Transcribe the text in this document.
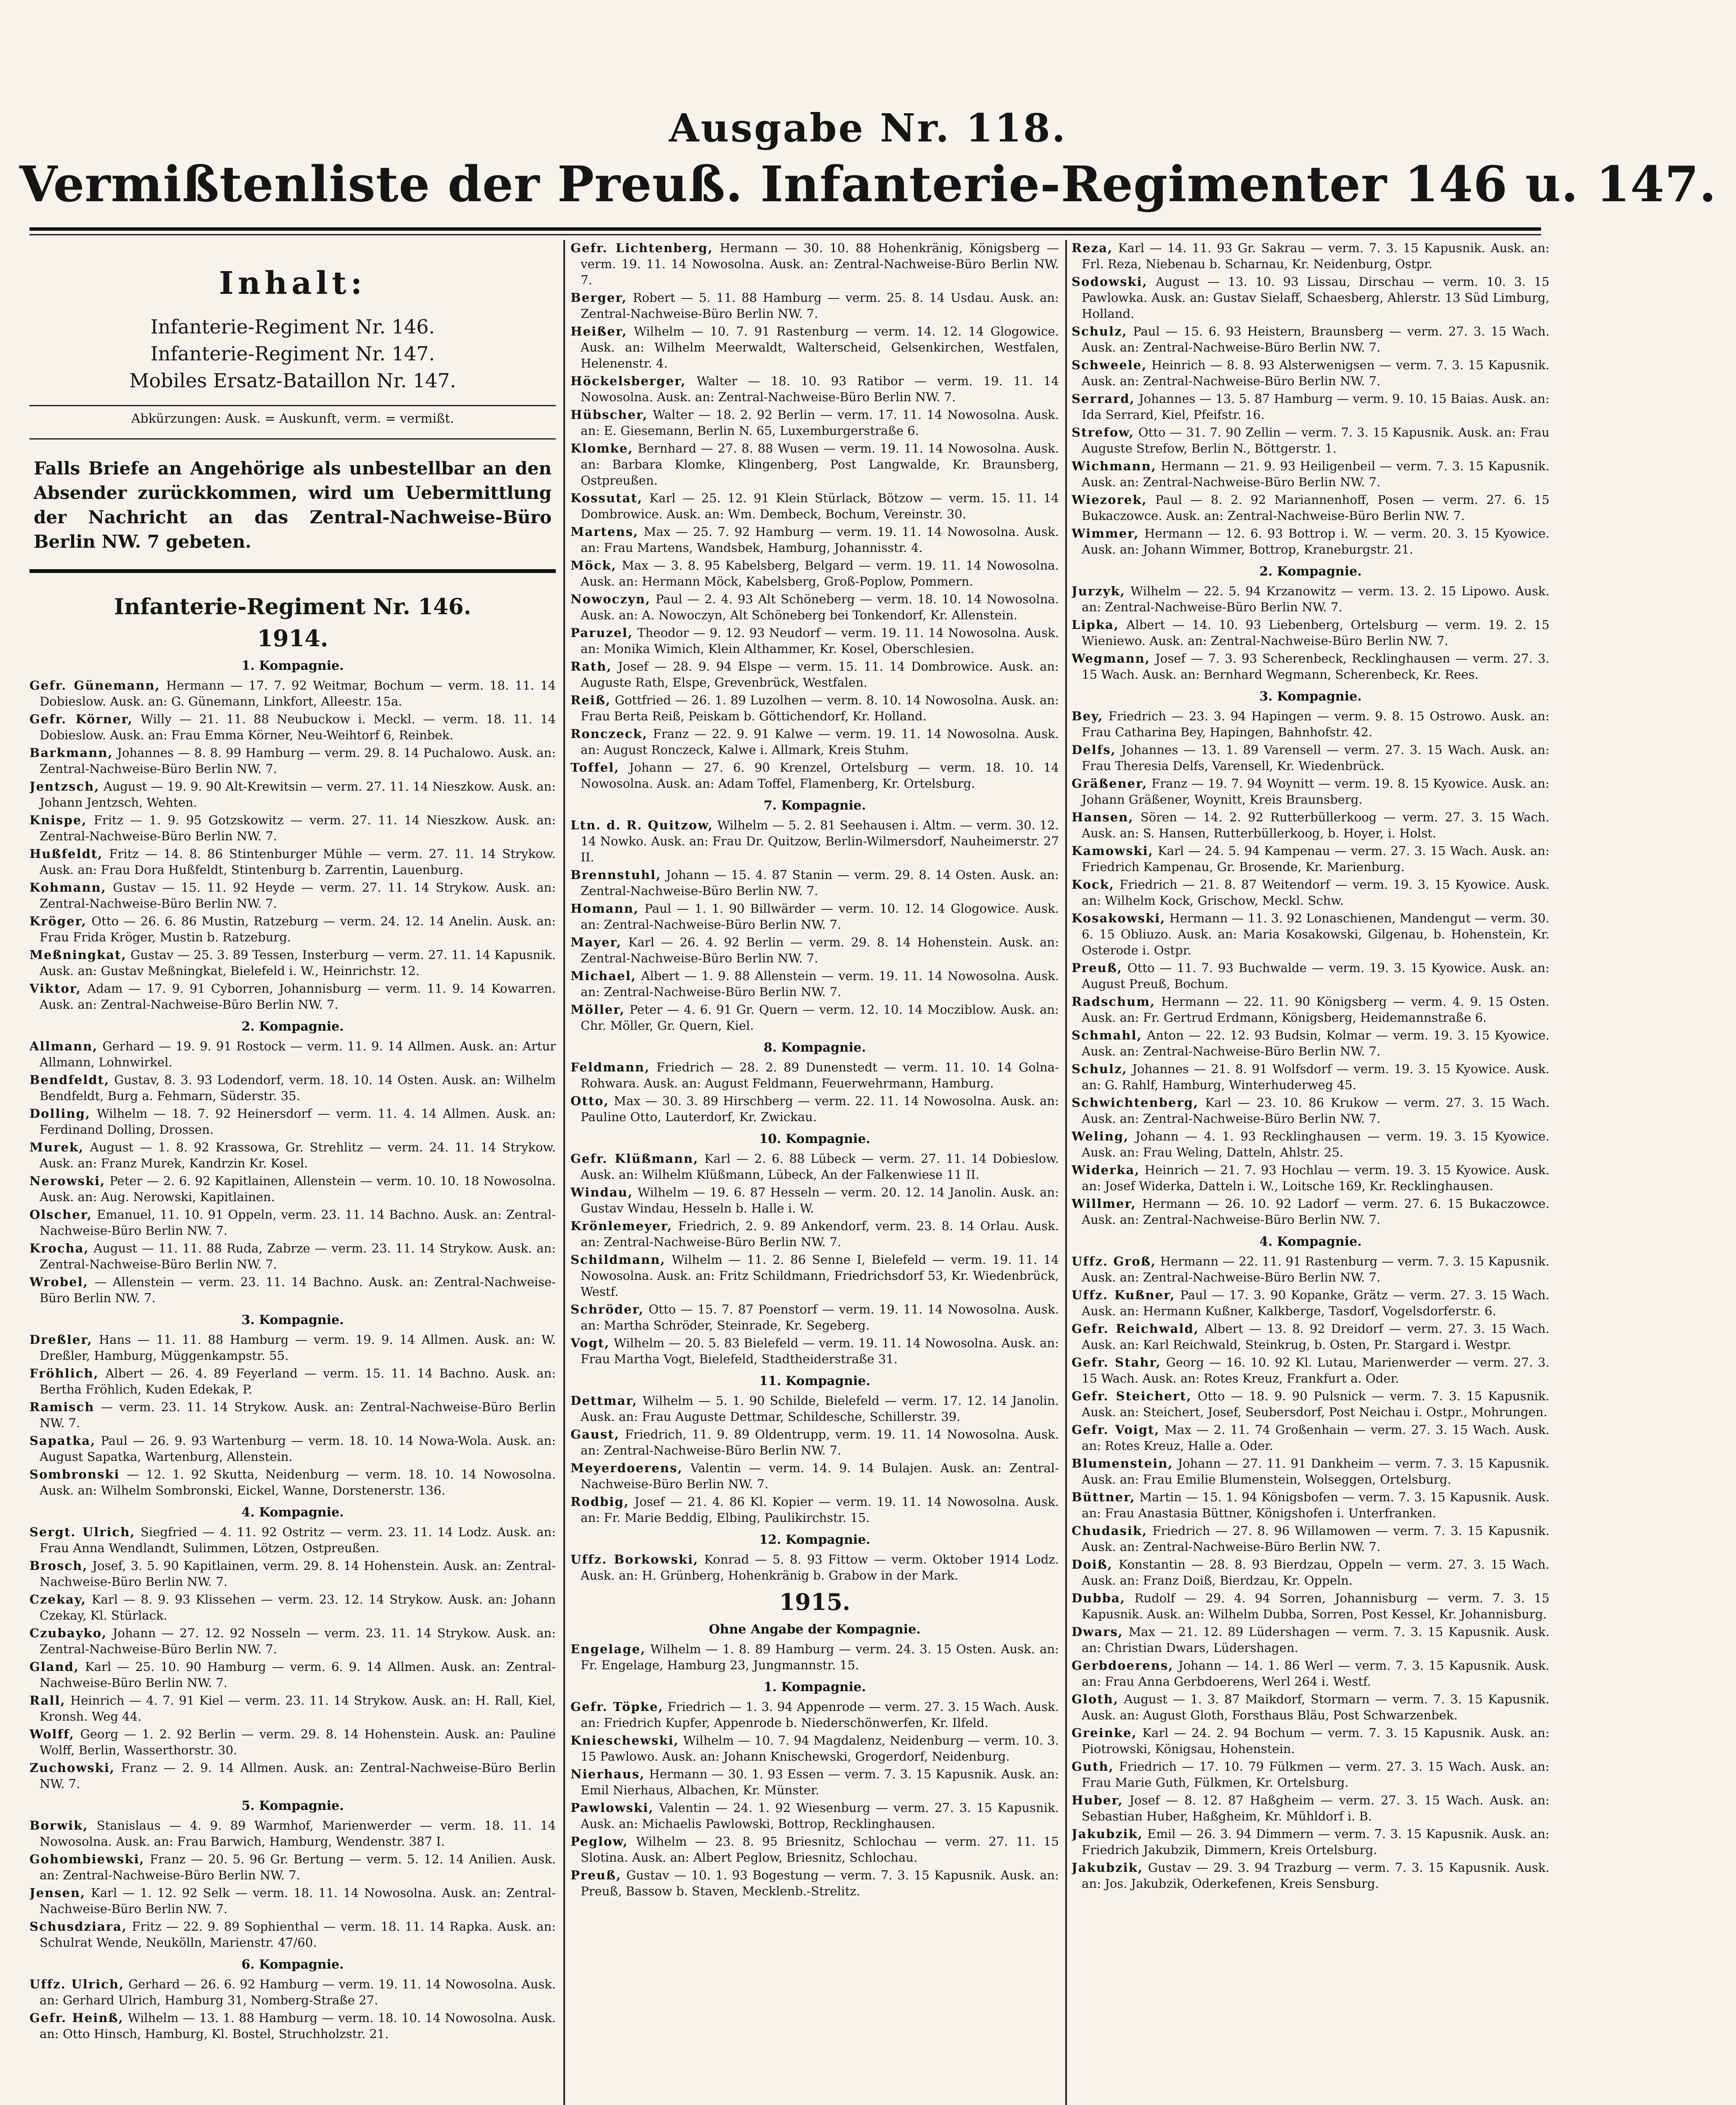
Ausgabe Nr. 118.
Vermißtenliste der Preuß. Infanterie-Regimenter 146 u. 147.
Inhalt:
Infanterie-Regiment Nr. 146.
Infanterie-Regiment Nr. 147.
Mobiles Ersatz-Bataillon Nr. 147.
Abkürzungen: Ausk. = Auskunft, verm. = vermißt.
Falls Briefe an Angehörige als unbestellbar an den Absender zurückkommen, wird um Uebermittlung der Nachricht an das Zentral-Nachweise-Büro Berlin NW. 7 gebeten.
Infanterie-Regiment Nr. 146.
1914.
1. Kompagnie.
Gefr. Günemann, Hermann — 17. 7. 92 Weitmar, Bochum — verm. 18. 11. 14 Dobieslow. Ausk. an: G. Günemann, Linkfort, Alleestr. 15a.
Gefr. Körner, Willy — 21. 11. 88 Neubuckow i. Meckl. — verm. 18. 11. 14 Dobieslow. Ausk. an: Frau Emma Körner, Neu-Weihtorf 6, Reinbek.
Barkmann, Johannes — 8. 8. 99 Hamburg — verm. 29. 8. 14 Puchalowo. Ausk. an: Zentral-Nachweise-Büro Berlin NW. 7.
Jentzsch, August — 19. 9. 90 Alt-Krewitsin — verm. 27. 11. 14 Nieszkow. Ausk. an: Johann Jentzsch, Wehten.
Knispe, Fritz — 1. 9. 95 Gotzskowitz — verm. 27. 11. 14 Nieszkow. Ausk. an: Zentral-Nachweise-Büro Berlin NW. 7.
Hußfeldt, Fritz — 14. 8. 86 Stintenburger Mühle — verm. 27. 11. 14 Strykow. Ausk. an: Frau Dora Hußfeldt, Stintenburg b. Zarrentin, Lauenburg.
Kohmann, Gustav — 15. 11. 92 Heyde — verm. 27. 11. 14 Strykow. Ausk. an: Zentral-Nachweise-Büro Berlin NW. 7.
Kröger, Otto — 26. 6. 86 Mustin, Ratzeburg — verm. 24. 12. 14 Anelin. Ausk. an: Frau Frida Kröger, Mustin b. Ratzeburg.
Meßningkat, Gustav — 25. 3. 89 Tessen, Insterburg — verm. 27. 11. 14 Kapusnik. Ausk. an: Gustav Meßningkat, Bielefeld i. W., Heinrichstr. 12.
Viktor, Adam — 17. 9. 91 Cyborren, Johannisburg — verm. 11. 9. 14 Kowarren. Ausk. an: Zentral-Nachweise-Büro Berlin NW. 7.
2. Kompagnie.
Allmann, Gerhard — 19. 9. 91 Rostock — verm. 11. 9. 14 Allmen. Ausk. an: Artur Allmann, Lohnwirkel.
Bendfeldt, Gustav, 8. 3. 93 Lodendorf, verm. 18. 10. 14 Osten. Ausk. an: Wilhelm Bendfeldt, Burg a. Fehmarn, Süderstr. 35.
Dolling, Wilhelm — 18. 7. 92 Heinersdorf — verm. 11. 4. 14 Allmen. Ausk. an: Ferdinand Dolling, Drossen.
Murek, August — 1. 8. 92 Krassowa, Gr. Strehlitz — verm. 24. 11. 14 Strykow. Ausk. an: Franz Murek, Kandrzin Kr. Kosel.
Nerowski, Peter — 2. 6. 92 Kapitlainen, Allenstein — verm. 10. 10. 18 Nowosolna. Ausk. an: Aug. Nerowski, Kapitlainen.
Olscher, Emanuel, 11. 10. 91 Oppeln, verm. 23. 11. 14 Bachno. Ausk. an: Zentral-Nachweise-Büro Berlin NW. 7.
Krocha, August — 11. 11. 88 Ruda, Zabrze — verm. 23. 11. 14 Strykow. Ausk. an: Zentral-Nachweise-Büro Berlin NW. 7.
Wrobel, — Allenstein — verm. 23. 11. 14 Bachno. Ausk. an: Zentral-Nachweise-Büro Berlin NW. 7.
3. Kompagnie.
Dreßler, Hans — 11. 11. 88 Hamburg — verm. 19. 9. 14 Allmen. Ausk. an: W. Dreßler, Hamburg, Müggenkampstr. 55.
Fröhlich, Albert — 26. 4. 89 Feyerland — verm. 15. 11. 14 Bachno. Ausk. an: Bertha Fröhlich, Kuden Edekak, P.
Ramisch — verm. 23. 11. 14 Strykow. Ausk. an: Zentral-Nachweise-Büro Berlin NW. 7.
Sapatka, Paul — 26. 9. 93 Wartenburg — verm. 18. 10. 14 Nowa-Wola. Ausk. an: August Sapatka, Wartenburg, Allenstein.
Sombronski — 12. 1. 92 Skutta, Neidenburg — verm. 18. 10. 14 Nowosolna. Ausk. an: Wilhelm Sombronski, Eickel, Wanne, Dorstenerstr. 136.
4. Kompagnie.
Sergt. Ulrich, Siegfried — 4. 11. 92 Ostritz — verm. 23. 11. 14 Lodz. Ausk. an: Frau Anna Wendlandt, Sulimmen, Lötzen, Ostpreußen.
Brosch, Josef, 3. 5. 90 Kapitlainen, verm. 29. 8. 14 Hohenstein. Ausk. an: Zentral-Nachweise-Büro Berlin NW. 7.
Czekay, Karl — 8. 9. 93 Klissehen — verm. 23. 12. 14 Strykow. Ausk. an: Johann Czekay, Kl. Stürlack.
Czubayko, Johann — 27. 12. 92 Nosseln — verm. 23. 11. 14 Strykow. Ausk. an: Zentral-Nachweise-Büro Berlin NW. 7.
Gland, Karl — 25. 10. 90 Hamburg — verm. 6. 9. 14 Allmen. Ausk. an: Zentral-Nachweise-Büro Berlin NW. 7.
Rall, Heinrich — 4. 7. 91 Kiel — verm. 23. 11. 14 Strykow. Ausk. an: H. Rall, Kiel, Kronsh. Weg 44.
Wolff, Georg — 1. 2. 92 Berlin — verm. 29. 8. 14 Hohenstein. Ausk. an: Pauline Wolff, Berlin, Wasserthorstr. 30.
Zuchowski, Franz — 2. 9. 14 Allmen. Ausk. an: Zentral-Nachweise-Büro Berlin NW. 7.
5. Kompagnie.
Borwik, Stanislaus — 4. 9. 89 Warmhof, Marienwerder — verm. 18. 11. 14 Nowosolna. Ausk. an: Frau Barwich, Hamburg, Wendenstr. 387 I.
Gohombiewski, Franz — 20. 5. 96 Gr. Bertung — verm. 5. 12. 14 Anilien. Ausk. an: Zentral-Nachweise-Büro Berlin NW. 7.
Jensen, Karl — 1. 12. 92 Selk — verm. 18. 11. 14 Nowosolna. Ausk. an: Zentral-Nachweise-Büro Berlin NW. 7.
Schusdziara, Fritz — 22. 9. 89 Sophienthal — verm. 18. 11. 14 Rapka. Ausk. an: Schulrat Wende, Neukölln, Marienstr. 47/60.
6. Kompagnie.
Uffz. Ulrich, Gerhard — 26. 6. 92 Hamburg — verm. 19. 11. 14 Nowosolna. Ausk. an: Gerhard Ulrich, Hamburg 31, Nomberg-Straße 27.
Gefr. Heinß, Wilhelm — 13. 1. 88 Hamburg — verm. 18. 10. 14 Nowosolna. Ausk. an: Otto Hinsch, Hamburg, Kl. Bostel, Struchholzstr. 21.
Gefr. Lichtenberg, Hermann — 30. 10. 88 Hohenkränig, Königsberg — verm. 19. 11. 14 Nowosolna. Ausk. an: Zentral-Nachweise-Büro Berlin NW. 7.
Berger, Robert — 5. 11. 88 Hamburg — verm. 25. 8. 14 Usdau. Ausk. an: Zentral-Nachweise-Büro Berlin NW. 7.
Heißer, Wilhelm — 10. 7. 91 Rastenburg — verm. 14. 12. 14 Glogowice. Ausk. an: Wilhelm Meerwaldt, Walterscheid, Gelsenkirchen, Westfalen, Helenenstr. 4.
Höckelsberger, Walter — 18. 10. 93 Ratibor — verm. 19. 11. 14 Nowosolna. Ausk. an: Zentral-Nachweise-Büro Berlin NW. 7.
Hübscher, Walter — 18. 2. 92 Berlin — verm. 17. 11. 14 Nowosolna. Ausk. an: E. Giesemann, Berlin N. 65, Luxemburgerstraße 6.
Klomke, Bernhard — 27. 8. 88 Wusen — verm. 19. 11. 14 Nowosolna. Ausk. an: Barbara Klomke, Klingenberg, Post Langwalde, Kr. Braunsberg, Ostpreußen.
Kossutat, Karl — 25. 12. 91 Klein Stürlack, Bötzow — verm. 15. 11. 14 Dombrowice. Ausk. an: Wm. Dembeck, Bochum, Vereinstr. 30.
Martens, Max — 25. 7. 92 Hamburg — verm. 19. 11. 14 Nowosolna. Ausk. an: Frau Martens, Wandsbek, Hamburg, Johannisstr. 4.
Möck, Max — 3. 8. 95 Kabelsberg, Belgard — verm. 19. 11. 14 Nowosolna. Ausk. an: Hermann Möck, Kabelsberg, Groß-Poplow, Pommern.
Nowoczyn, Paul — 2. 4. 93 Alt Schöneberg — verm. 18. 10. 14 Nowosolna. Ausk. an: A. Nowoczyn, Alt Schöneberg bei Tonkendorf, Kr. Allenstein.
Paruzel, Theodor — 9. 12. 93 Neudorf — verm. 19. 11. 14 Nowosolna. Ausk. an: Monika Wimich, Klein Althammer, Kr. Kosel, Oberschlesien.
Rath, Josef — 28. 9. 94 Elspe — verm. 15. 11. 14 Dombrowice. Ausk. an: Auguste Rath, Elspe, Grevenbrück, Westfalen.
Reiß, Gottfried — 26. 1. 89 Luzolhen — verm. 8. 10. 14 Nowosolna. Ausk. an: Frau Berta Reiß, Peiskam b. Göttichendorf, Kr. Holland.
Ronczeck, Franz — 22. 9. 91 Kalwe — verm. 19. 11. 14 Nowosolna. Ausk. an: August Ronczeck, Kalwe i. Allmark, Kreis Stuhm.
Toffel, Johann — 27. 6. 90 Krenzel, Ortelsburg — verm. 18. 10. 14 Nowosolna. Ausk. an: Adam Toffel, Flamenberg, Kr. Ortelsburg.
7. Kompagnie.
Ltn. d. R. Quitzow, Wilhelm — 5. 2. 81 Seehausen i. Altm. — verm. 30. 12. 14 Nowko. Ausk. an: Frau Dr. Quitzow, Berlin-Wilmersdorf, Nauheimerstr. 27 II.
Brennstuhl, Johann — 15. 4. 87 Stanin — verm. 29. 8. 14 Osten. Ausk. an: Zentral-Nachweise-Büro Berlin NW. 7.
Homann, Paul — 1. 1. 90 Billwärder — verm. 10. 12. 14 Glogowice. Ausk. an: Zentral-Nachweise-Büro Berlin NW. 7.
Mayer, Karl — 26. 4. 92 Berlin — verm. 29. 8. 14 Hohenstein. Ausk. an: Zentral-Nachweise-Büro Berlin NW. 7.
Michael, Albert — 1. 9. 88 Allenstein — verm. 19. 11. 14 Nowosolna. Ausk. an: Zentral-Nachweise-Büro Berlin NW. 7.
Möller, Peter — 4. 6. 91 Gr. Quern — verm. 12. 10. 14 Mocziblow. Ausk. an: Chr. Möller, Gr. Quern, Kiel.
8. Kompagnie.
Feldmann, Friedrich — 28. 2. 89 Dunenstedt — verm. 11. 10. 14 Golna-Rohwara. Ausk. an: August Feldmann, Feuerwehrmann, Hamburg.
Otto, Max — 30. 3. 89 Hirschberg — verm. 22. 11. 14 Nowosolna. Ausk. an: Pauline Otto, Lauterdorf, Kr. Zwickau.
10. Kompagnie.
Gefr. Klüßmann, Karl — 2. 6. 88 Lübeck — verm. 27. 11. 14 Dobieslow. Ausk. an: Wilhelm Klüßmann, Lübeck, An der Falkenwiese 11 II.
Windau, Wilhelm — 19. 6. 87 Hesseln — verm. 20. 12. 14 Janolin. Ausk. an: Gustav Windau, Hesseln b. Halle i. W.
Krönlemeyer, Friedrich, 2. 9. 89 Ankendorf, verm. 23. 8. 14 Orlau. Ausk. an: Zentral-Nachweise-Büro Berlin NW. 7.
Schildmann, Wilhelm — 11. 2. 86 Senne I, Bielefeld — verm. 19. 11. 14 Nowosolna. Ausk. an: Fritz Schildmann, Friedrichsdorf 53, Kr. Wiedenbrück, Westf.
Schröder, Otto — 15. 7. 87 Poenstorf — verm. 19. 11. 14 Nowosolna. Ausk. an: Martha Schröder, Steinrade, Kr. Segeberg.
Vogt, Wilhelm — 20. 5. 83 Bielefeld — verm. 19. 11. 14 Nowosolna. Ausk. an: Frau Martha Vogt, Bielefeld, Stadtheiderstraße 31.
11. Kompagnie.
Dettmar, Wilhelm — 5. 1. 90 Schilde, Bielefeld — verm. 17. 12. 14 Janolin. Ausk. an: Frau Auguste Dettmar, Schildesche, Schillerstr. 39.
Gaust, Friedrich, 11. 9. 89 Oldentrupp, verm. 19. 11. 14 Nowosolna. Ausk. an: Zentral-Nachweise-Büro Berlin NW. 7.
Meyerdoerens, Valentin — verm. 14. 9. 14 Bulajen. Ausk. an: Zentral-Nachweise-Büro Berlin NW. 7.
Rodbig, Josef — 21. 4. 86 Kl. Kopier — verm. 19. 11. 14 Nowosolna. Ausk. an: Fr. Marie Beddig, Elbing, Paulikirchstr. 15.
12. Kompagnie.
Uffz. Borkowski, Konrad — 5. 8. 93 Fittow — verm. Oktober 1914 Lodz. Ausk. an: H. Grünberg, Hohenkränig b. Grabow in der Mark.
1915.
Ohne Angabe der Kompagnie.
Engelage, Wilhelm — 1. 8. 89 Hamburg — verm. 24. 3. 15 Osten. Ausk. an: Fr. Engelage, Hamburg 23, Jungmannstr. 15.
1. Kompagnie.
Gefr. Töpke, Friedrich — 1. 3. 94 Appenrode — verm. 27. 3. 15 Wach. Ausk. an: Friedrich Kupfer, Appenrode b. Niederschönwerfen, Kr. Ilfeld.
Knieschewski, Wilhelm — 10. 7. 94 Magdalenz, Neidenburg — verm. 10. 3. 15 Pawlowo. Ausk. an: Johann Knischewski, Grogerdorf, Neidenburg.
Nierhaus, Hermann — 30. 1. 93 Essen — verm. 7. 3. 15 Kapusnik. Ausk. an: Emil Nierhaus, Albachen, Kr. Münster.
Pawlowski, Valentin — 24. 1. 92 Wiesenburg — verm. 27. 3. 15 Kapusnik. Ausk. an: Michaelis Pawlowski, Bottrop, Recklinghausen.
Peglow, Wilhelm — 23. 8. 95 Briesnitz, Schlochau — verm. 27. 11. 15 Slotina. Ausk. an: Albert Peglow, Briesnitz, Schlochau.
Preuß, Gustav — 10. 1. 93 Bogestung — verm. 7. 3. 15 Kapusnik. Ausk. an: Preuß, Bassow b. Staven, Mecklenb.-Strelitz.
Reza, Karl — 14. 11. 93 Gr. Sakrau — verm. 7. 3. 15 Kapusnik. Ausk. an: Frl. Reza, Niebenau b. Scharnau, Kr. Neidenburg, Ostpr.
Sodowski, August — 13. 10. 93 Lissau, Dirschau — verm. 10. 3. 15 Pawlowka. Ausk. an: Gustav Sielaff, Schaesberg, Ahlerstr. 13 Süd Limburg, Holland.
Schulz, Paul — 15. 6. 93 Heistern, Braunsberg — verm. 27. 3. 15 Wach. Ausk. an: Zentral-Nachweise-Büro Berlin NW. 7.
Schweele, Heinrich — 8. 8. 93 Alsterwenigsen — verm. 7. 3. 15 Kapusnik. Ausk. an: Zentral-Nachweise-Büro Berlin NW. 7.
Serrard, Johannes — 13. 5. 87 Hamburg — verm. 9. 10. 15 Baias. Ausk. an: Ida Serrard, Kiel, Pfeifstr. 16.
Strefow, Otto — 31. 7. 90 Zellin — verm. 7. 3. 15 Kapusnik. Ausk. an: Frau Auguste Strefow, Berlin N., Böttgerstr. 1.
Wichmann, Hermann — 21. 9. 93 Heiligenbeil — verm. 7. 3. 15 Kapusnik. Ausk. an: Zentral-Nachweise-Büro Berlin NW. 7.
Wiezorek, Paul — 8. 2. 92 Mariannenhoff, Posen — verm. 27. 6. 15 Bukaczowce. Ausk. an: Zentral-Nachweise-Büro Berlin NW. 7.
Wimmer, Hermann — 12. 6. 93 Bottrop i. W. — verm. 20. 3. 15 Kyowice. Ausk. an: Johann Wimmer, Bottrop, Kraneburgstr. 21.
2. Kompagnie.
Jurzyk, Wilhelm — 22. 5. 94 Krzanowitz — verm. 13. 2. 15 Lipowo. Ausk. an: Zentral-Nachweise-Büro Berlin NW. 7.
Lipka, Albert — 14. 10. 93 Liebenberg, Ortelsburg — verm. 19. 2. 15 Wieniewo. Ausk. an: Zentral-Nachweise-Büro Berlin NW. 7.
Wegmann, Josef — 7. 3. 93 Scherenbeck, Recklinghausen — verm. 27. 3. 15 Wach. Ausk. an: Bernhard Wegmann, Scherenbeck, Kr. Rees.
3. Kompagnie.
Bey, Friedrich — 23. 3. 94 Hapingen — verm. 9. 8. 15 Ostrowo. Ausk. an: Frau Catharina Bey, Hapingen, Bahnhofstr. 42.
Delfs, Johannes — 13. 1. 89 Varensell — verm. 27. 3. 15 Wach. Ausk. an: Frau Theresia Delfs, Varensell, Kr. Wiedenbrück.
Gräßener, Franz — 19. 7. 94 Woynitt — verm. 19. 8. 15 Kyowice. Ausk. an: Johann Gräßener, Woynitt, Kreis Braunsberg.
Hansen, Sören — 14. 2. 92 Rutterbüllerkoog — verm. 27. 3. 15 Wach. Ausk. an: S. Hansen, Rutterbüllerkoog, b. Hoyer, i. Holst.
Kamowski, Karl — 24. 5. 94 Kampenau — verm. 27. 3. 15 Wach. Ausk. an: Friedrich Kampenau, Gr. Brosende, Kr. Marienburg.
Kock, Friedrich — 21. 8. 87 Weitendorf — verm. 19. 3. 15 Kyowice. Ausk. an: Wilhelm Kock, Grischow, Meckl. Schw.
Kosakowski, Hermann — 11. 3. 92 Lonaschienen, Mandengut — verm. 30. 6. 15 Obliuzo. Ausk. an: Maria Kosakowski, Gilgenau, b. Hohenstein, Kr. Osterode i. Ostpr.
Preuß, Otto — 11. 7. 93 Buchwalde — verm. 19. 3. 15 Kyowice. Ausk. an: August Preuß, Bochum.
Radschum, Hermann — 22. 11. 90 Königsberg — verm. 4. 9. 15 Osten. Ausk. an: Fr. Gertrud Erdmann, Königsberg, Heidemannstraße 6.
Schmahl, Anton — 22. 12. 93 Budsin, Kolmar — verm. 19. 3. 15 Kyowice. Ausk. an: Zentral-Nachweise-Büro Berlin NW. 7.
Schulz, Johannes — 21. 8. 91 Wolfsdorf — verm. 19. 3. 15 Kyowice. Ausk. an: G. Rahlf, Hamburg, Winterhuderweg 45.
Schwichtenberg, Karl — 23. 10. 86 Krukow — verm. 27. 3. 15 Wach. Ausk. an: Zentral-Nachweise-Büro Berlin NW. 7.
Weling, Johann — 4. 1. 93 Recklinghausen — verm. 19. 3. 15 Kyowice. Ausk. an: Frau Weling, Datteln, Ahlstr. 25.
Widerka, Heinrich — 21. 7. 93 Hochlau — verm. 19. 3. 15 Kyowice. Ausk. an: Josef Widerka, Datteln i. W., Loitsche 169, Kr. Recklinghausen.
Willmer, Hermann — 26. 10. 92 Ladorf — verm. 27. 6. 15 Bukaczowce. Ausk. an: Zentral-Nachweise-Büro Berlin NW. 7.
4. Kompagnie.
Uffz. Groß, Hermann — 22. 11. 91 Rastenburg — verm. 7. 3. 15 Kapusnik. Ausk. an: Zentral-Nachweise-Büro Berlin NW. 7.
Uffz. Kußner, Paul — 17. 3. 90 Kopanke, Grätz — verm. 27. 3. 15 Wach. Ausk. an: Hermann Kußner, Kalkberge, Tasdorf, Vogelsdorferstr. 6.
Gefr. Reichwald, Albert — 13. 8. 92 Dreidorf — verm. 27. 3. 15 Wach. Ausk. an: Karl Reichwald, Steinkrug, b. Osten, Pr. Stargard i. Westpr.
Gefr. Stahr, Georg — 16. 10. 92 Kl. Lutau, Marienwerder — verm. 27. 3. 15 Wach. Ausk. an: Rotes Kreuz, Frankfurt a. Oder.
Gefr. Steichert, Otto — 18. 9. 90 Pulsnick — verm. 7. 3. 15 Kapusnik. Ausk. an: Steichert, Josef, Seubersdorf, Post Neichau i. Ostpr., Mohrungen.
Gefr. Voigt, Max — 2. 11. 74 Großenhain — verm. 27. 3. 15 Wach. Ausk. an: Rotes Kreuz, Halle a. Oder.
Blumenstein, Johann — 27. 11. 91 Dankheim — verm. 7. 3. 15 Kapusnik. Ausk. an: Frau Emilie Blumenstein, Wolseggen, Ortelsburg.
Büttner, Martin — 15. 1. 94 Königsbofen — verm. 7. 3. 15 Kapusnik. Ausk. an: Frau Anastasia Büttner, Königshofen i. Unterfranken.
Chudasik, Friedrich — 27. 8. 96 Willamowen — verm. 7. 3. 15 Kapusnik. Ausk. an: Zentral-Nachweise-Büro Berlin NW. 7.
Doiß, Konstantin — 28. 8. 93 Bierdzau, Oppeln — verm. 27. 3. 15 Wach. Ausk. an: Franz Doiß, Bierdzau, Kr. Oppeln.
Dubba, Rudolf — 29. 4. 94 Sorren, Johannisburg — verm. 7. 3. 15 Kapusnik. Ausk. an: Wilhelm Dubba, Sorren, Post Kessel, Kr. Johannisburg.
Dwars, Max — 21. 12. 89 Lüdershagen — verm. 7. 3. 15 Kapusnik. Ausk. an: Christian Dwars, Lüdershagen.
Gerbdoerens, Johann — 14. 1. 86 Werl — verm. 7. 3. 15 Kapusnik. Ausk. an: Frau Anna Gerbdoerens, Werl 264 i. Westf.
Gloth, August — 1. 3. 87 Maikdorf, Stormarn — verm. 7. 3. 15 Kapusnik. Ausk. an: August Gloth, Forsthaus Bläu, Post Schwarzenbek.
Greinke, Karl — 24. 2. 94 Bochum — verm. 7. 3. 15 Kapusnik. Ausk. an: Piotrowski, Königsau, Hohenstein.
Guth, Friedrich — 17. 10. 79 Fülkmen — verm. 27. 3. 15 Wach. Ausk. an: Frau Marie Guth, Fülkmen, Kr. Ortelsburg.
Huber, Josef — 8. 12. 87 Haßgheim — verm. 27. 3. 15 Wach. Ausk. an: Sebastian Huber, Haßgheim, Kr. Mühldorf i. B.
Jakubzik, Emil — 26. 3. 94 Dimmern — verm. 7. 3. 15 Kapusnik. Ausk. an: Friedrich Jakubzik, Dimmern, Kreis Ortelsburg.
Jakubzik, Gustav — 29. 3. 94 Trazburg — verm. 7. 3. 15 Kapusnik. Ausk. an: Jos. Jakubzik, Oderkefenen, Kreis Sensburg.
